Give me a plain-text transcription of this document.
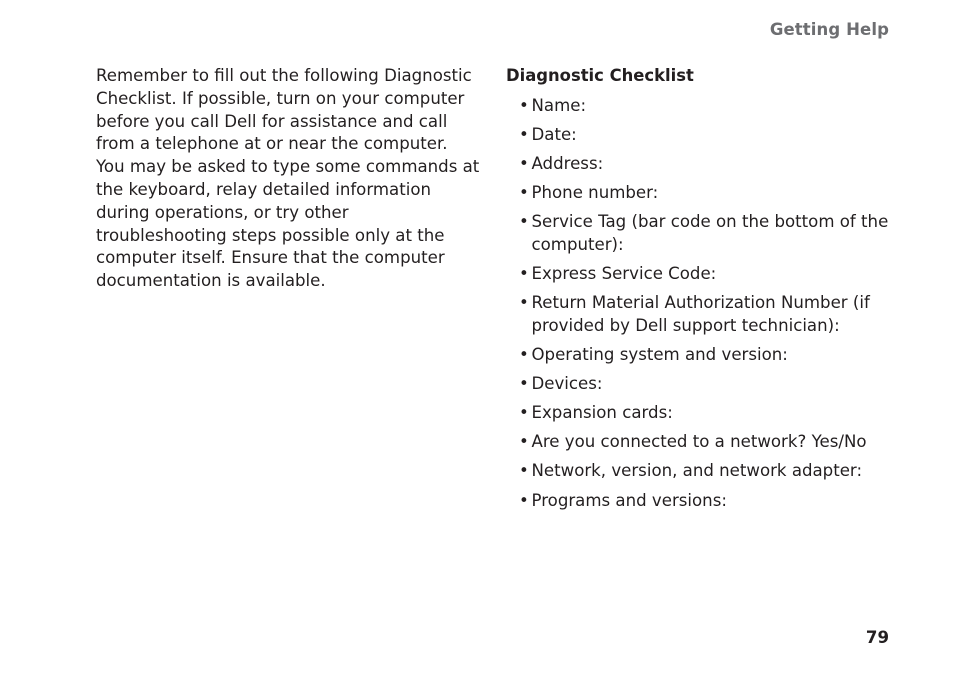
Getting Help

Remember to fill out the following Diagnostic Checklist. If possible, turn on your computer before you call Dell for assistance and call from a telephone at or near the computer. You may be asked to type some commands at the keyboard, relay detailed information during operations, or try other troubleshooting steps possible only at the computer itself. Ensure that the computer documentation is available.

Diagnostic Checklist
• Name:
• Date:
• Address:
• Phone number:
• Service Tag (bar code on the bottom of the computer):
• Express Service Code:
• Return Material Authorization Number (if provided by Dell support technician):
• Operating system and version:
• Devices:
• Expansion cards:
• Are you connected to a network? Yes/No
• Network, version, and network adapter:
• Programs and versions:
79
